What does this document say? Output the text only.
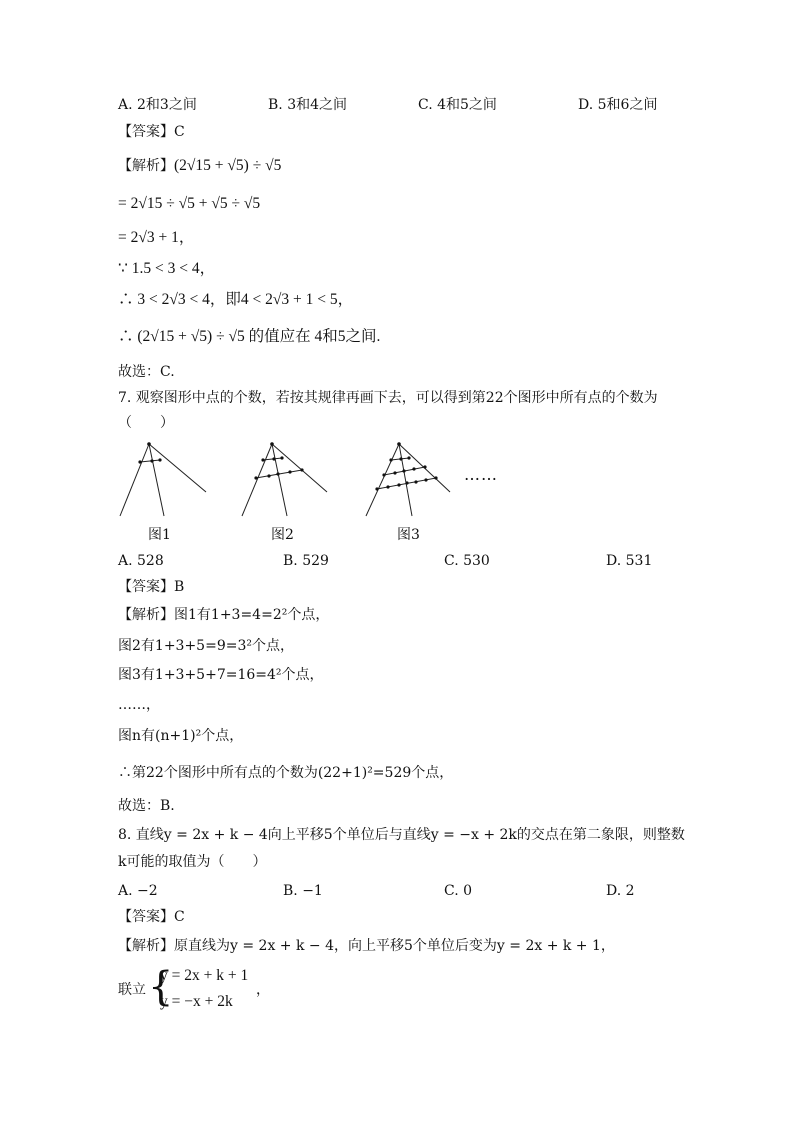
A. 2和3之间	B. 3和4之间	C. 4和5之间	D. 5和6之间
【答案】C
【解析】(2√15 + √5) ÷ √5
= 2√15 ÷ √5 + √5 ÷ √5
= 2√3 + 1，
∵ 1.5 < 3 < 4，
∴ 3 < 2√3 < 4，即4 < 2√3 + 1 < 5，
∴ (2√15 + √5) ÷ √5 的值应在 4和5之间.
故选：C.
7. 观察图形中点的个数，若按其规律再画下去，可以得到第22个图形中所有点的个数为
（　　）
……
图1	图2	图3
A. 528	B. 529	C. 530	D. 531
【答案】B
【解析】图1有1+3=4=2²个点，
图2有1+3+5=9=3²个点，
图3有1+3+5+7=16=4²个点，
……，
图n有(n+1)²个点，
∴第22个图形中所有点的个数为(22+1)²=529个点，
故选：B.
8. 直线y = 2x + k − 4向上平移5个单位后与直线y = −x + 2k的交点在第二象限，则整数
k可能的取值为（　　）
A. −2	B. −1	C. 0	D. 2
【答案】C
【解析】原直线为y = 2x + k − 4，向上平移5个单位后变为y = 2x + k + 1，
联立 {
y = 2x + k + 1
y = −x + 2k
，
